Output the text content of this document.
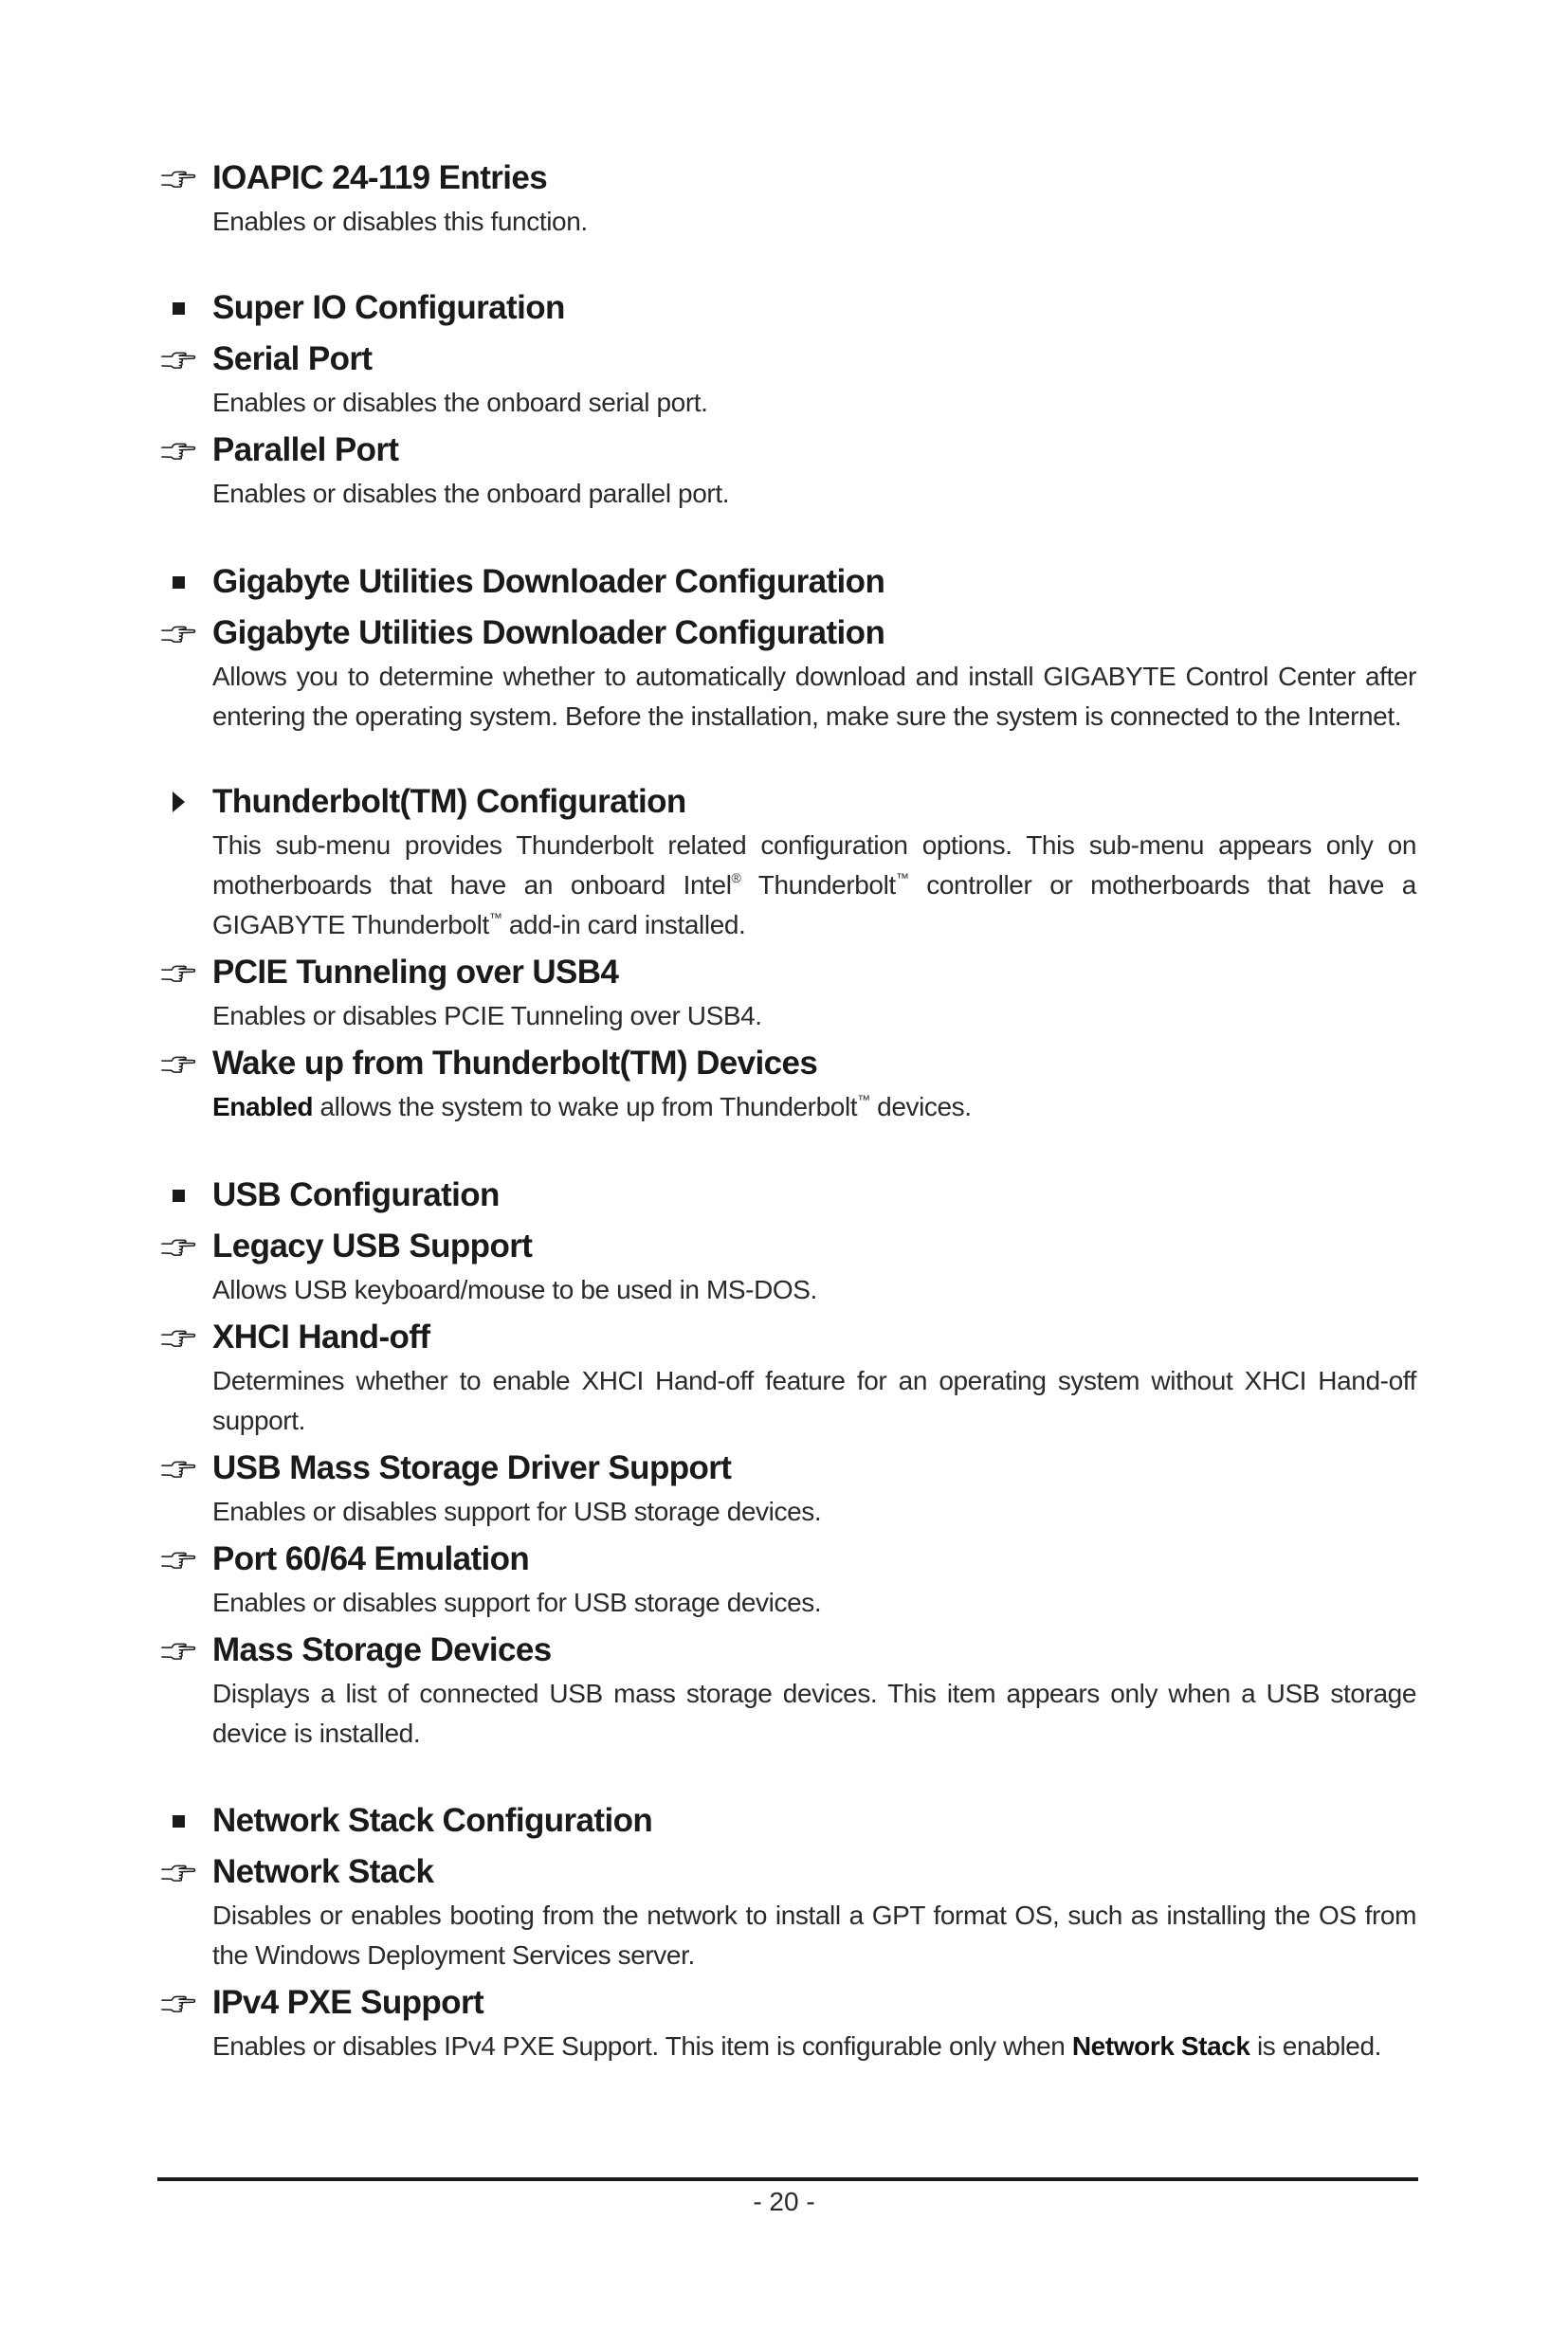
IOAPIC 24-119 Entries
Enables or disables this function.
Super IO Configuration
Serial Port
Enables or disables the onboard serial port.
Parallel Port
Enables or disables the onboard parallel port.
Gigabyte Utilities Downloader Configuration
Gigabyte Utilities Downloader Configuration
Allows you to determine whether to automatically download and install GIGABYTE Control Center after entering the operating system. Before the installation, make sure the system is connected to the Internet.
Thunderbolt(TM) Configuration
This sub-menu provides Thunderbolt related configuration options. This sub-menu appears only on motherboards that have an onboard Intel® Thunderbolt™ controller or motherboards that have a GIGABYTE Thunderbolt™ add-in card installed.
PCIE Tunneling over USB4
Enables or disables PCIE Tunneling over USB4.
Wake up from Thunderbolt(TM) Devices
Enabled allows the system to wake up from Thunderbolt™ devices.
USB Configuration
Legacy USB Support
Allows USB keyboard/mouse to be used in MS-DOS.
XHCI Hand-off
Determines whether to enable XHCI Hand-off feature for an operating system without XHCI Hand-off support.
USB Mass Storage Driver Support
Enables or disables support for USB storage devices.
Port 60/64 Emulation
Enables or disables support for USB storage devices.
Mass Storage Devices
Displays a list of connected USB mass storage devices. This item appears only when a USB storage device is installed.
Network Stack Configuration
Network Stack
Disables or enables booting from the network to install a GPT format OS, such as installing the OS from the Windows Deployment Services server.
IPv4 PXE Support
Enables or disables IPv4 PXE Support. This item is configurable only when Network Stack is enabled.
- 20 -
